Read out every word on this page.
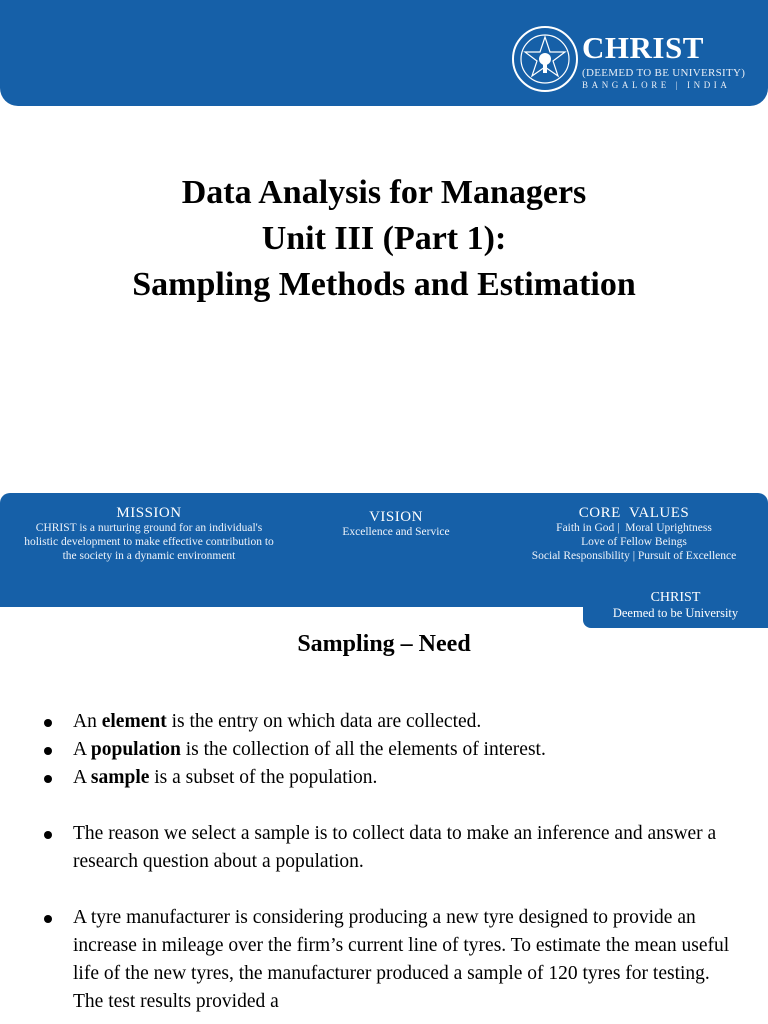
CHRIST
(DEEMED TO BE UNIVERSITY)
BANGALORE | INDIA
Data Analysis for Managers
Unit III (Part 1):
Sampling Methods and Estimation
MISSION
CHRIST is a nurturing ground for an individual's
holistic development to make effective contribution to
the society in a dynamic environment
VISION
Excellence and Service
CORE  VALUES
Faith in God |  Moral Uprightness
Love of Fellow Beings
Social Responsibility | Pursuit of Excellence
CHRIST
Deemed to be University
Sampling – Need
An element is the entry on which data are collected.
A population is the collection of all the elements of interest.
A sample is a subset of the population.
The reason we select a sample is to collect data to make an inference and answer a research question about a population.
A tyre manufacturer is considering producing a new tyre designed to provide an increase in mileage over the firm’s current line of tyres. To estimate the mean useful life of the new tyres, the manufacturer produced a sample of 120 tyres for testing. The test results provided a
